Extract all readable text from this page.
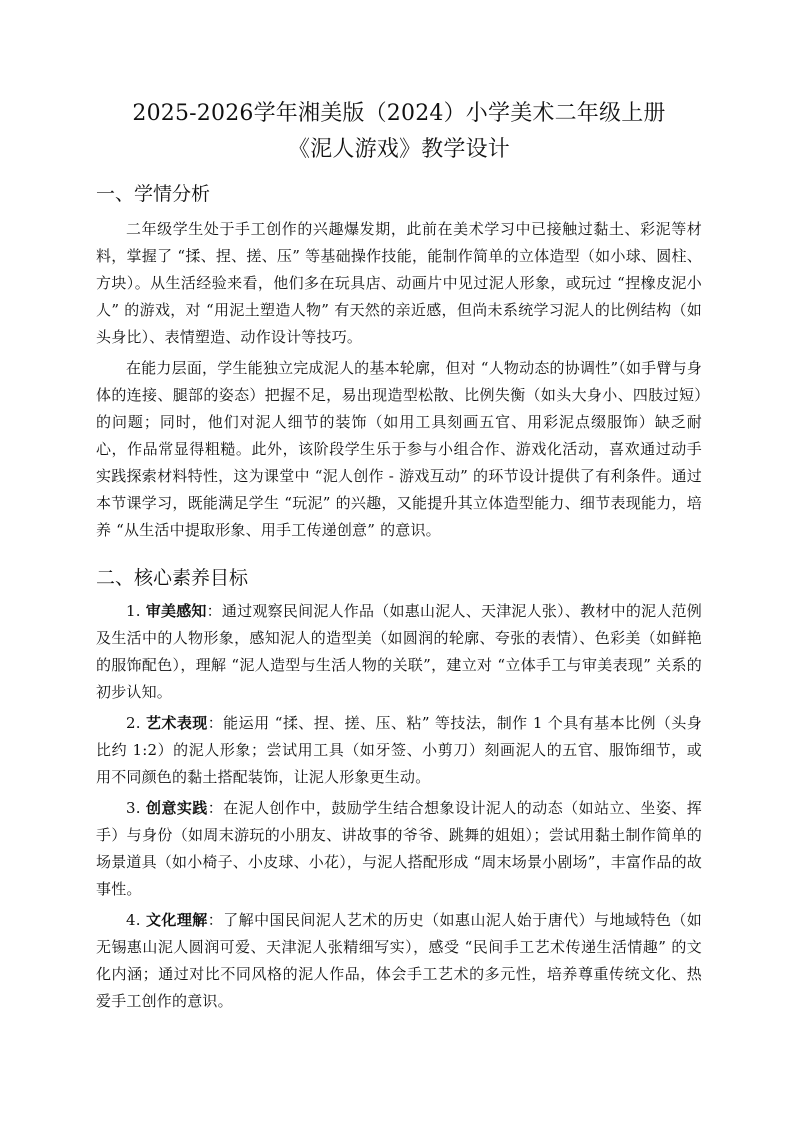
2025-2026学年湘美版（2024）小学美术二年级上册
《泥人游戏》教学设计
一、学情分析

二年级学生处于手工创作的兴趣爆发期，此前在美术学习中已接触过黏土、彩泥等材料，掌握了 “揉、捏、搓、压” 等基础操作技能，能制作简单的立体造型（如小球、圆柱、方块）。从生活经验来看，他们多在玩具店、动画片中见过泥人形象，或玩过 “捏橡皮泥小人” 的游戏，对 “用泥土塑造人物” 有天然的亲近感，但尚未系统学习泥人的比例结构（如头身比）、表情塑造、动作设计等技巧。

在能力层面，学生能独立完成泥人的基本轮廓，但对 “人物动态的协调性”（如手臂与身体的连接、腿部的姿态）把握不足，易出现造型松散、比例失衡（如头大身小、四肢过短）的问题；同时，他们对泥人细节的装饰（如用工具刻画五官、用彩泥点缀服饰）缺乏耐心，作品常显得粗糙。此外，该阶段学生乐于参与小组合作、游戏化活动，喜欢通过动手实践探索材料特性，这为课堂中 “泥人创作 - 游戏互动” 的环节设计提供了有利条件。通过本节课学习，既能满足学生 “玩泥” 的兴趣，又能提升其立体造型能力、细节表现能力，培养 “从生活中提取形象、用手工传递创意” 的意识。

二、核心素养目标

1. 审美感知：通过观察民间泥人作品（如惠山泥人、天津泥人张）、教材中的泥人范例及生活中的人物形象，感知泥人的造型美（如圆润的轮廓、夸张的表情）、色彩美（如鲜艳的服饰配色），理解 “泥人造型与生活人物的关联”，建立对 “立体手工与审美表现” 关系的初步认知。

2. 艺术表现：能运用 “揉、捏、搓、压、粘” 等技法，制作 1 个具有基本比例（头身比约 1:2）的泥人形象；尝试用工具（如牙签、小剪刀）刻画泥人的五官、服饰细节，或用不同颜色的黏土搭配装饰，让泥人形象更生动。

3. 创意实践：在泥人创作中，鼓励学生结合想象设计泥人的动态（如站立、坐姿、挥手）与身份（如周末游玩的小朋友、讲故事的爷爷、跳舞的姐姐）；尝试用黏土制作简单的场景道具（如小椅子、小皮球、小花），与泥人搭配形成 “周末场景小剧场”，丰富作品的故事性。

4. 文化理解：了解中国民间泥人艺术的历史（如惠山泥人始于唐代）与地域特色（如无锡惠山泥人圆润可爱、天津泥人张精细写实），感受 “民间手工艺术传递生活情趣” 的文化内涵；通过对比不同风格的泥人作品，体会手工艺术的多元性，培养尊重传统文化、热爱手工创作的意识。
